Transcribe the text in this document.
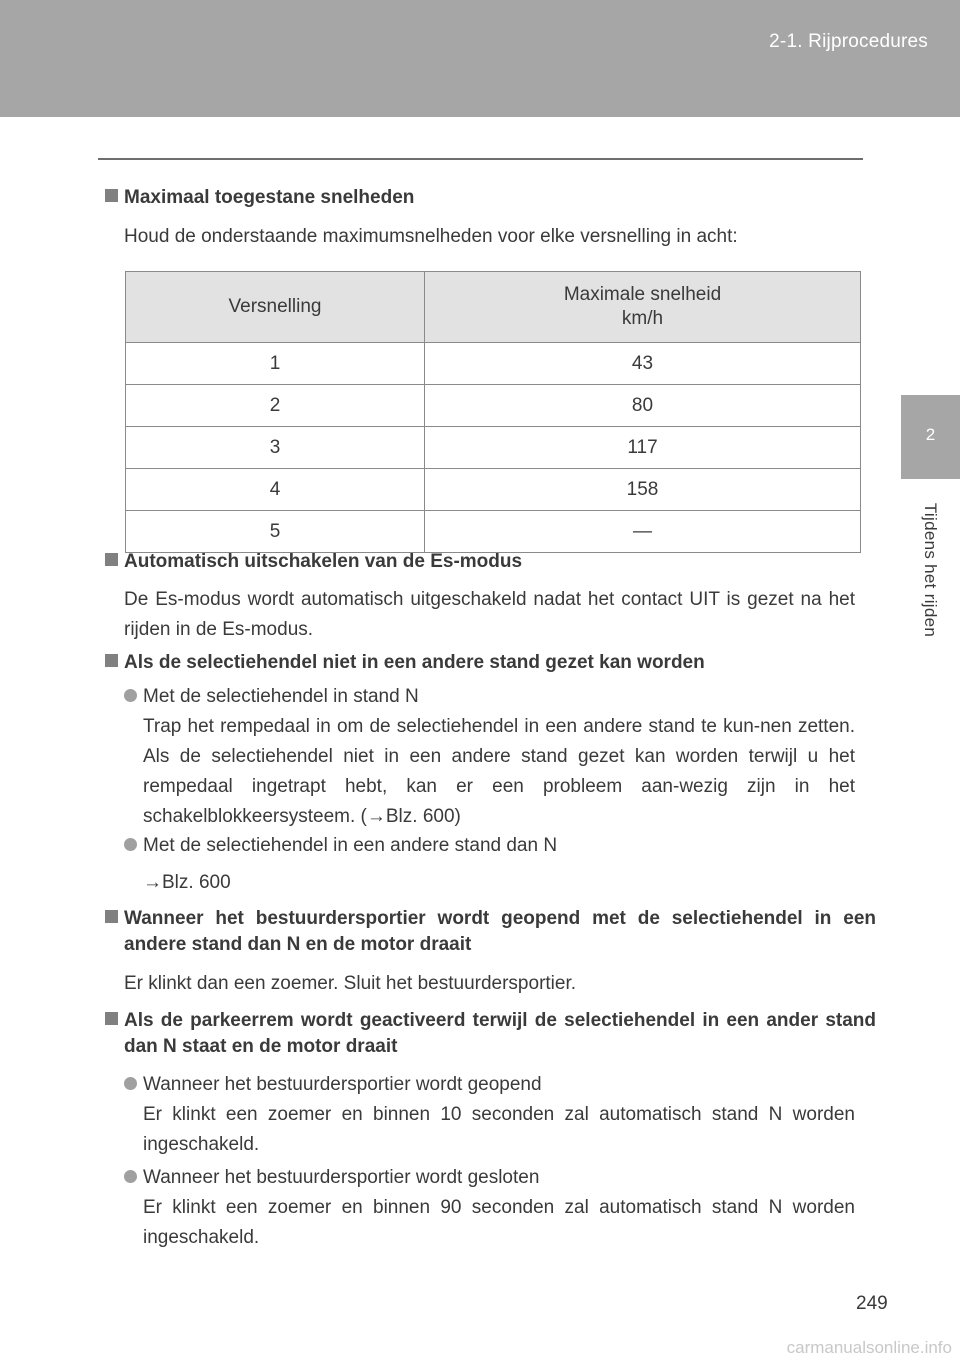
2-1. Rijprocedures
2
Tijdens het rijden
Maximaal toegestane snelheden
Houd de onderstaande maximumsnelheden voor elke versnelling in acht:
Versnelling	Maximale snelheid
km/h
1	43
2	80
3	117
4	158
5	—
Automatisch uitschakelen van de Es-modus
De Es-modus wordt automatisch uitgeschakeld nadat het contact UIT is gezet na het rijden in de Es-modus.
Als de selectiehendel niet in een andere stand gezet kan worden
Met de selectiehendel in stand N
Trap het rempedaal in om de selectiehendel in een andere stand te kun-nen zetten. Als de selectiehendel niet in een andere stand gezet kan worden terwijl u het rempedaal ingetrapt hebt, kan er een probleem aan-wezig zijn in het schakelblokkeersysteem. (→Blz. 600)
Met de selectiehendel in een andere stand dan N
→Blz. 600
Wanneer het bestuurdersportier wordt geopend met de selectiehendel in een andere stand dan N en de motor draait
Er klinkt dan een zoemer. Sluit het bestuurdersportier.
Als de parkeerrem wordt geactiveerd terwijl de selectiehendel in een ander stand dan N staat en de motor draait
Wanneer het bestuurdersportier wordt geopend
Er klinkt een zoemer en binnen 10 seconden zal automatisch stand N worden ingeschakeld.
Wanneer het bestuurdersportier wordt gesloten
Er klinkt een zoemer en binnen 90 seconden zal automatisch stand N worden ingeschakeld.
249
carmanualsonline.info
